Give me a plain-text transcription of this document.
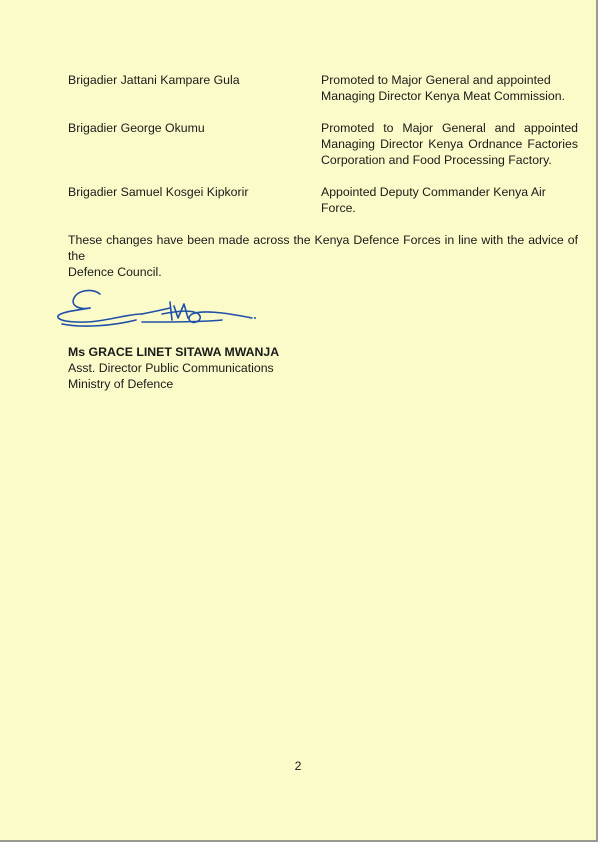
Brigadier Jattani Kampare Gula	Promoted to Major General and appointed
Managing Director Kenya Meat Commission.
Brigadier George Okumu	Promoted to Major General and appointed
Managing Director Kenya Ordnance Factories
Corporation and Food Processing Factory.
Brigadier Samuel Kosgei Kipkorir	Appointed Deputy Commander Kenya Air Force.
These changes have been made across the Kenya Defence Forces in line with the advice of the
Defence Council.
Ms GRACE LINET SITAWA MWANJA
Asst. Director Public Communications
Ministry of Defence
2
